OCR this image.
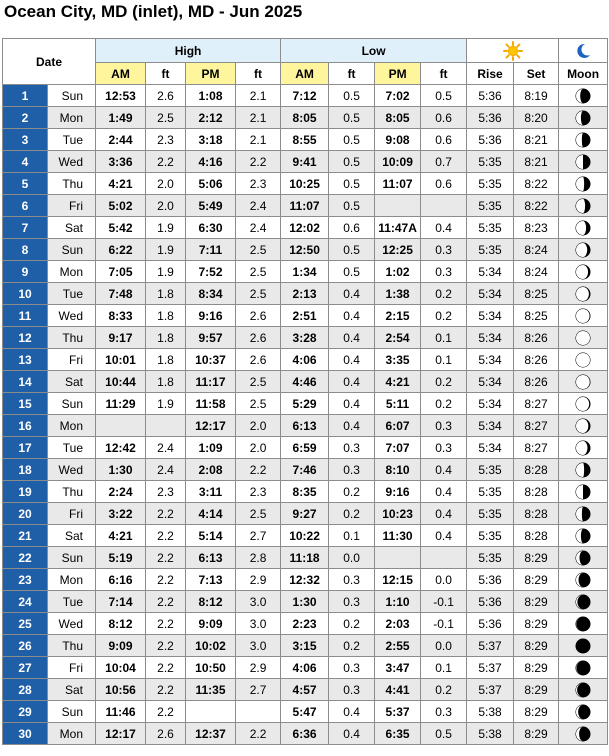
Ocean City, MD (inlet), MD - Jun 2025
Date		High				Low		
		AM	ft	PM	ft	AM	ft	PM	ft	Rise	Set	Moon
1	Sun	12:53	2.6	1:08	2.1	7:12	0.5	7:02	0.5	5:36	8:19	
2	Mon	1:49	2.5	2:12	2.1	8:05	0.5	8:05	0.6	5:36	8:20	
3	Tue	2:44	2.3	3:18	2.1	8:55	0.5	9:08	0.6	5:36	8:21	
4	Wed	3:36	2.2	4:16	2.2	9:41	0.5	10:09	0.7	5:35	8:21	
5	Thu	4:21	2.0	5:06	2.3	10:25	0.5	11:07	0.6	5:35	8:22	
6	Fri	5:02	2.0	5:49	2.4	11:07	0.5			5:35	8:22	
7	Sat	5:42	1.9	6:30	2.4	12:02	0.6	11:47A	0.4	5:35	8:23	
8	Sun	6:22	1.9	7:11	2.5	12:50	0.5	12:25	0.3	5:35	8:24	
9	Mon	7:05	1.9	7:52	2.5	1:34	0.5	1:02	0.3	5:34	8:24	
10	Tue	7:48	1.8	8:34	2.5	2:13	0.4	1:38	0.2	5:34	8:25	
11	Wed	8:33	1.8	9:16	2.6	2:51	0.4	2:15	0.2	5:34	8:25	
12	Thu	9:17	1.8	9:57	2.6	3:28	0.4	2:54	0.1	5:34	8:26	
13	Fri	10:01	1.8	10:37	2.6	4:06	0.4	3:35	0.1	5:34	8:26	
14	Sat	10:44	1.8	11:17	2.5	4:46	0.4	4:21	0.2	5:34	8:26	
15	Sun	11:29	1.9	11:58	2.5	5:29	0.4	5:11	0.2	5:34	8:27	
16	Mon			12:17	2.0	6:13	0.4	6:07	0.3	5:34	8:27	
17	Tue	12:42	2.4	1:09	2.0	6:59	0.3	7:07	0.3	5:34	8:27	
18	Wed	1:30	2.4	2:08	2.2	7:46	0.3	8:10	0.4	5:35	8:28	
19	Thu	2:24	2.3	3:11	2.3	8:35	0.2	9:16	0.4	5:35	8:28	
20	Fri	3:22	2.2	4:14	2.5	9:27	0.2	10:23	0.4	5:35	8:28	
21	Sat	4:21	2.2	5:14	2.7	10:22	0.1	11:30	0.4	5:35	8:28	
22	Sun	5:19	2.2	6:13	2.8	11:18	0.0			5:35	8:29	
23	Mon	6:16	2.2	7:13	2.9	12:32	0.3	12:15	0.0	5:36	8:29	
24	Tue	7:14	2.2	8:12	3.0	1:30	0.3	1:10	-0.1	5:36	8:29	
25	Wed	8:12	2.2	9:09	3.0	2:23	0.2	2:03	-0.1	5:36	8:29	
26	Thu	9:09	2.2	10:02	3.0	3:15	0.2	2:55	0.0	5:37	8:29	
27	Fri	10:04	2.2	10:50	2.9	4:06	0.3	3:47	0.1	5:37	8:29	
28	Sat	10:56	2.2	11:35	2.7	4:57	0.3	4:41	0.2	5:37	8:29	
29	Sun	11:46	2.2			5:47	0.4	5:37	0.3	5:38	8:29	
30	Mon	12:17	2.6	12:37	2.2	6:36	0.4	6:35	0.5	5:38	8:29	
